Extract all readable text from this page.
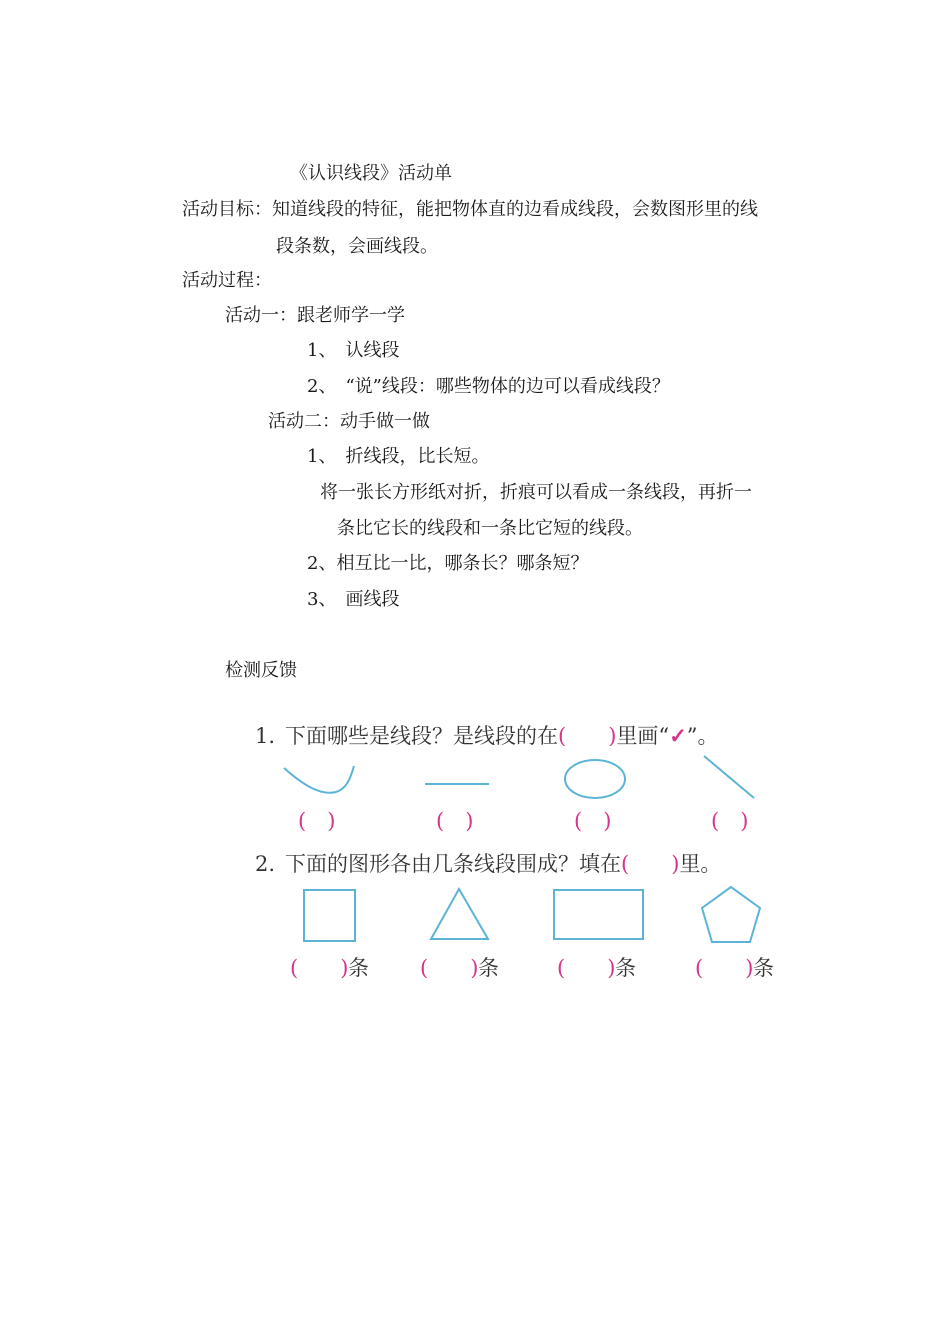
《认识线段》活动单
活动目标：知道线段的特征，能把物体直的边看成线段，会数图形里的线
段条数，会画线段。
活动过程：
活动一：跟老师学一学
1、　认线段
2、　“说”线段：哪些物体的边可以看成线段？
活动二：动手做一做
1、　折线段，比长短。
将一张长方形纸对折，折痕可以看成一条线段，再折一
条比它长的线段和一条比它短的线段。
2、相互比一比，哪条长？哪条短？
3、　画线段
检测反馈
1. 下面哪些是线段？是线段的在(　　)里画“✓”。
(　)	(　)	(　)	(　)
2. 下面的图形各由几条线段围成？填在(　　)里。
(　　) 条 (　　) 条	(　　) 条	(　　) 条
